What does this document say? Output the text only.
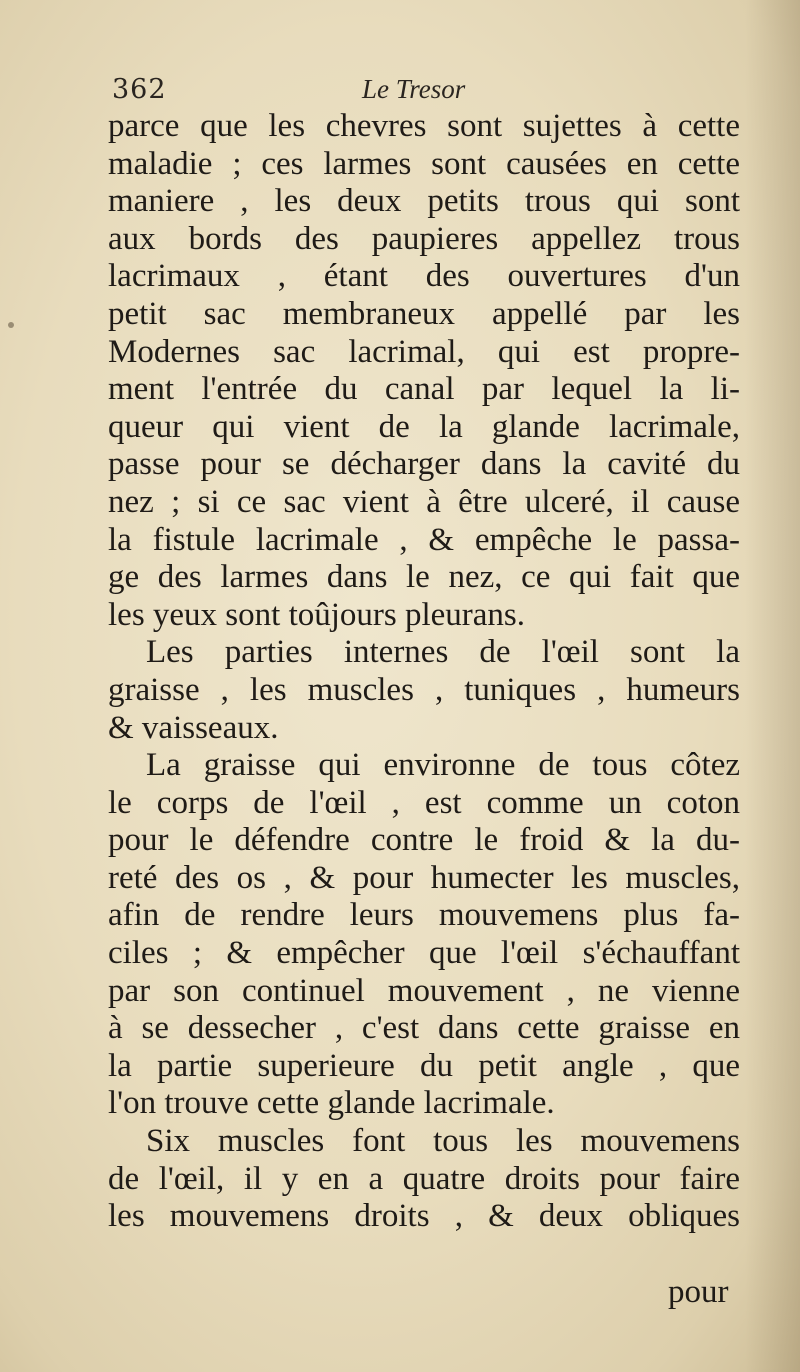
362	Le Tresor
parce que les chevres sont sujettes à cette
maladie ; ces larmes sont causées en cette
maniere , les deux petits trous qui sont
aux bords des paupieres appellez trous
lacrimaux , étant des ouvertures d'un
petit sac membraneux appellé par les
Modernes sac lacrimal, qui est propre-
ment l'entrée du canal par lequel la li-
queur qui vient de la glande lacrimale,
passe pour se décharger dans la cavité du
nez ; si ce sac vient à être ulceré, il cause
la fistule lacrimale , & empêche le passa-
ge des larmes dans le nez, ce qui fait que
les yeux sont toûjours pleurans.
Les parties internes de l'œil sont la
graisse , les muscles , tuniques , humeurs
& vaisseaux.
La graisse qui environne de tous côtez
le corps de l'œil , est comme un coton
pour le défendre contre le froid & la du-
reté des os , & pour humecter les muscles,
afin de rendre leurs mouvemens plus fa-
ciles ; & empêcher que l'œil s'échauffant
par son continuel mouvement , ne vienne
à se dessecher , c'est dans cette graisse en
la partie superieure du petit angle , que
l'on trouve cette glande lacrimale.
Six muscles font tous les mouvemens
de l'œil, il y en a quatre droits pour faire
les mouvemens droits , & deux obliques
pour
